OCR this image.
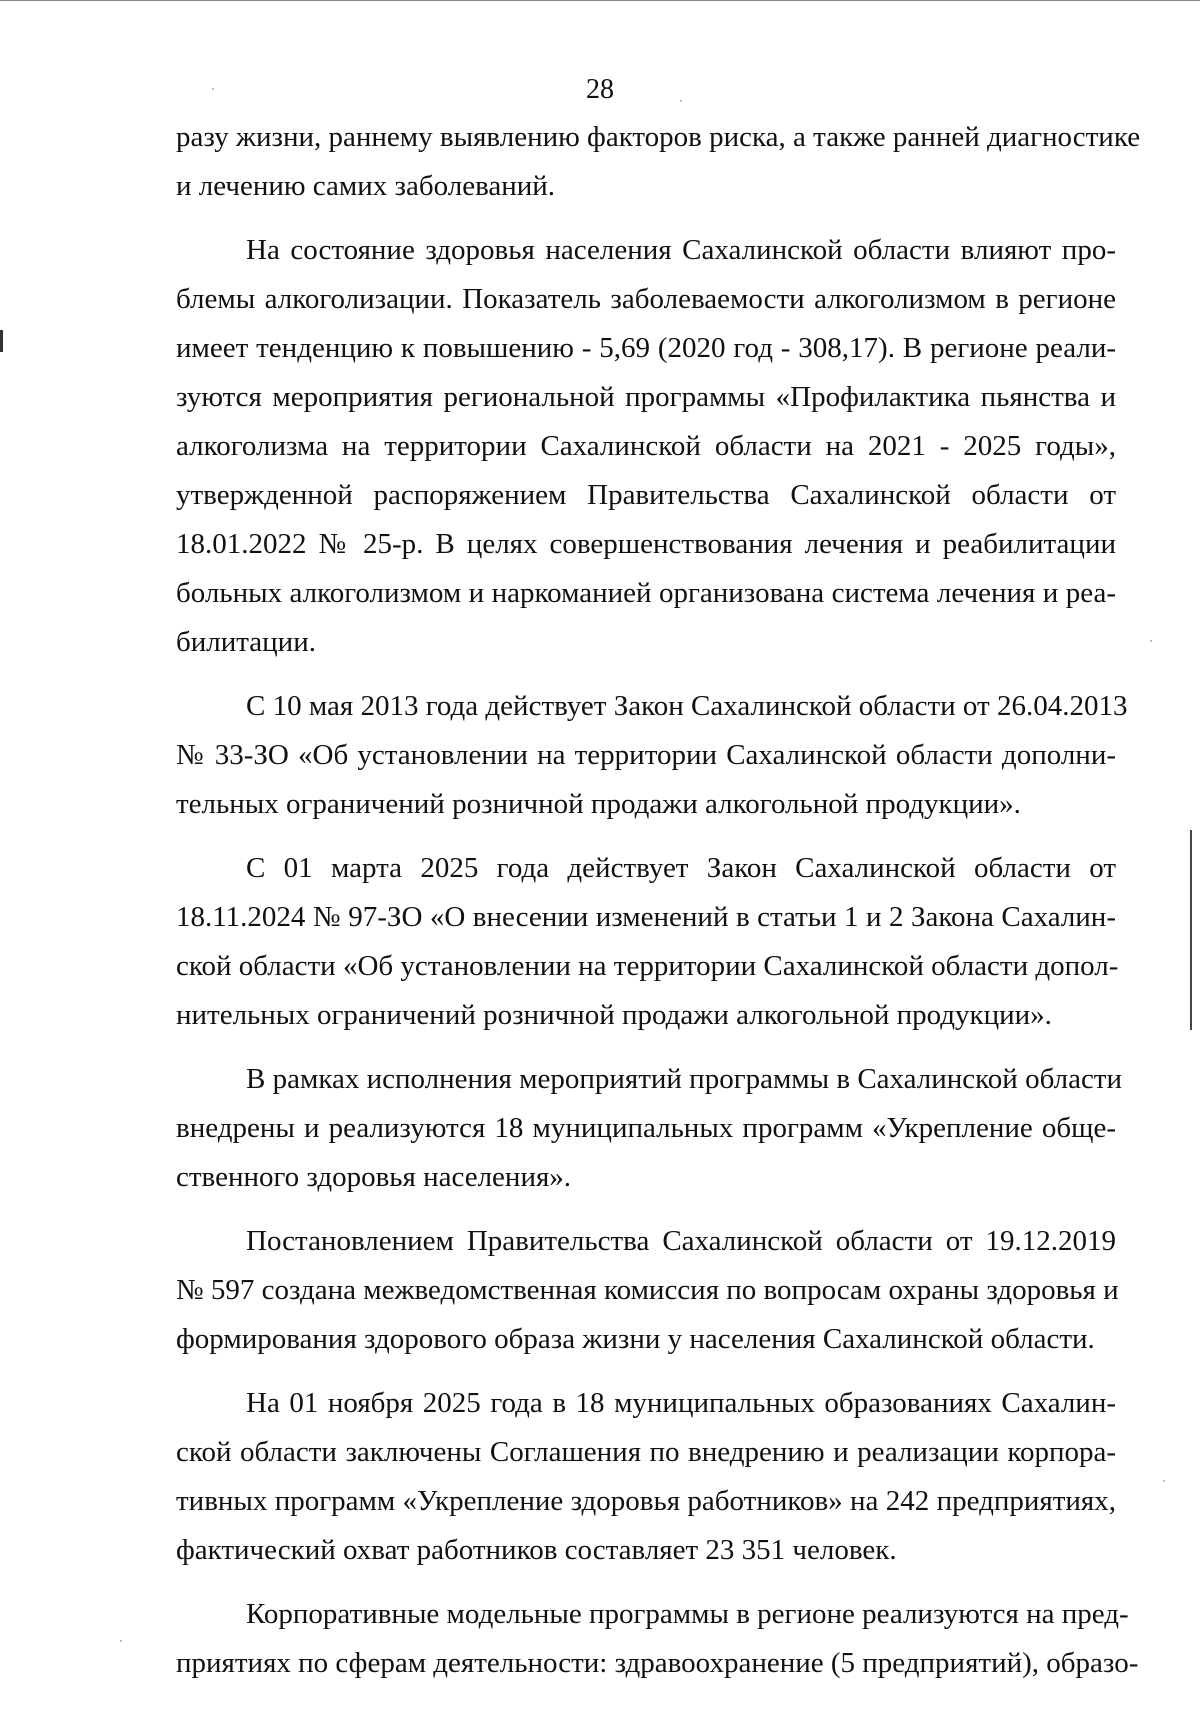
28
разу жизни, раннему выявлению факторов риска, а также ранней диагностике
и лечению самих заболеваний.
На состояние здоровья населения Сахалинской области влияют про-
блемы алкоголизации. Показатель заболеваемости алкоголизмом в регионе
имеет тенденцию к повышению - 5,69 (2020 год - 308,17). В регионе реали-
зуются мероприятия региональной программы «Профилактика пьянства и
алкоголизма на территории Сахалинской области на 2021 - 2025 годы»,
утвержденной распоряжением Правительства Сахалинской области от
18.01.2022 № 25-р. В целях совершенствования лечения и реабилитации
больных алкоголизмом и наркоманией организована система лечения и реа-
билитации.
С 10 мая 2013 года действует Закон Сахалинской области от 26.04.2013
№ 33-ЗО «Об установлении на территории Сахалинской области дополни-
тельных ограничений розничной продажи алкогольной продукции».
С 01 марта 2025 года действует Закон Сахалинской области от
18.11.2024 № 97-ЗО «О внесении изменений в статьи 1 и 2 Закона Сахалин-
ской области «Об установлении на территории Сахалинской области допол-
нительных ограничений розничной продажи алкогольной продукции».
В рамках исполнения мероприятий программы в Сахалинской области
внедрены и реализуются 18 муниципальных программ «Укрепление обще-
ственного здоровья населения».
Постановлением Правительства Сахалинской области от 19.12.2019
№ 597 создана межведомственная комиссия по вопросам охраны здоровья и
формирования здорового образа жизни у населения Сахалинской области.
На 01 ноября 2025 года в 18 муниципальных образованиях Сахалин-
ской области заключены Соглашения по внедрению и реализации корпора-
тивных программ «Укрепление здоровья работников» на 242 предприятиях,
фактический охват работников составляет 23 351 человек.
Корпоративные модельные программы в регионе реализуются на пред-
приятиях по сферам деятельности: здравоохранение (5 предприятий), образо-
